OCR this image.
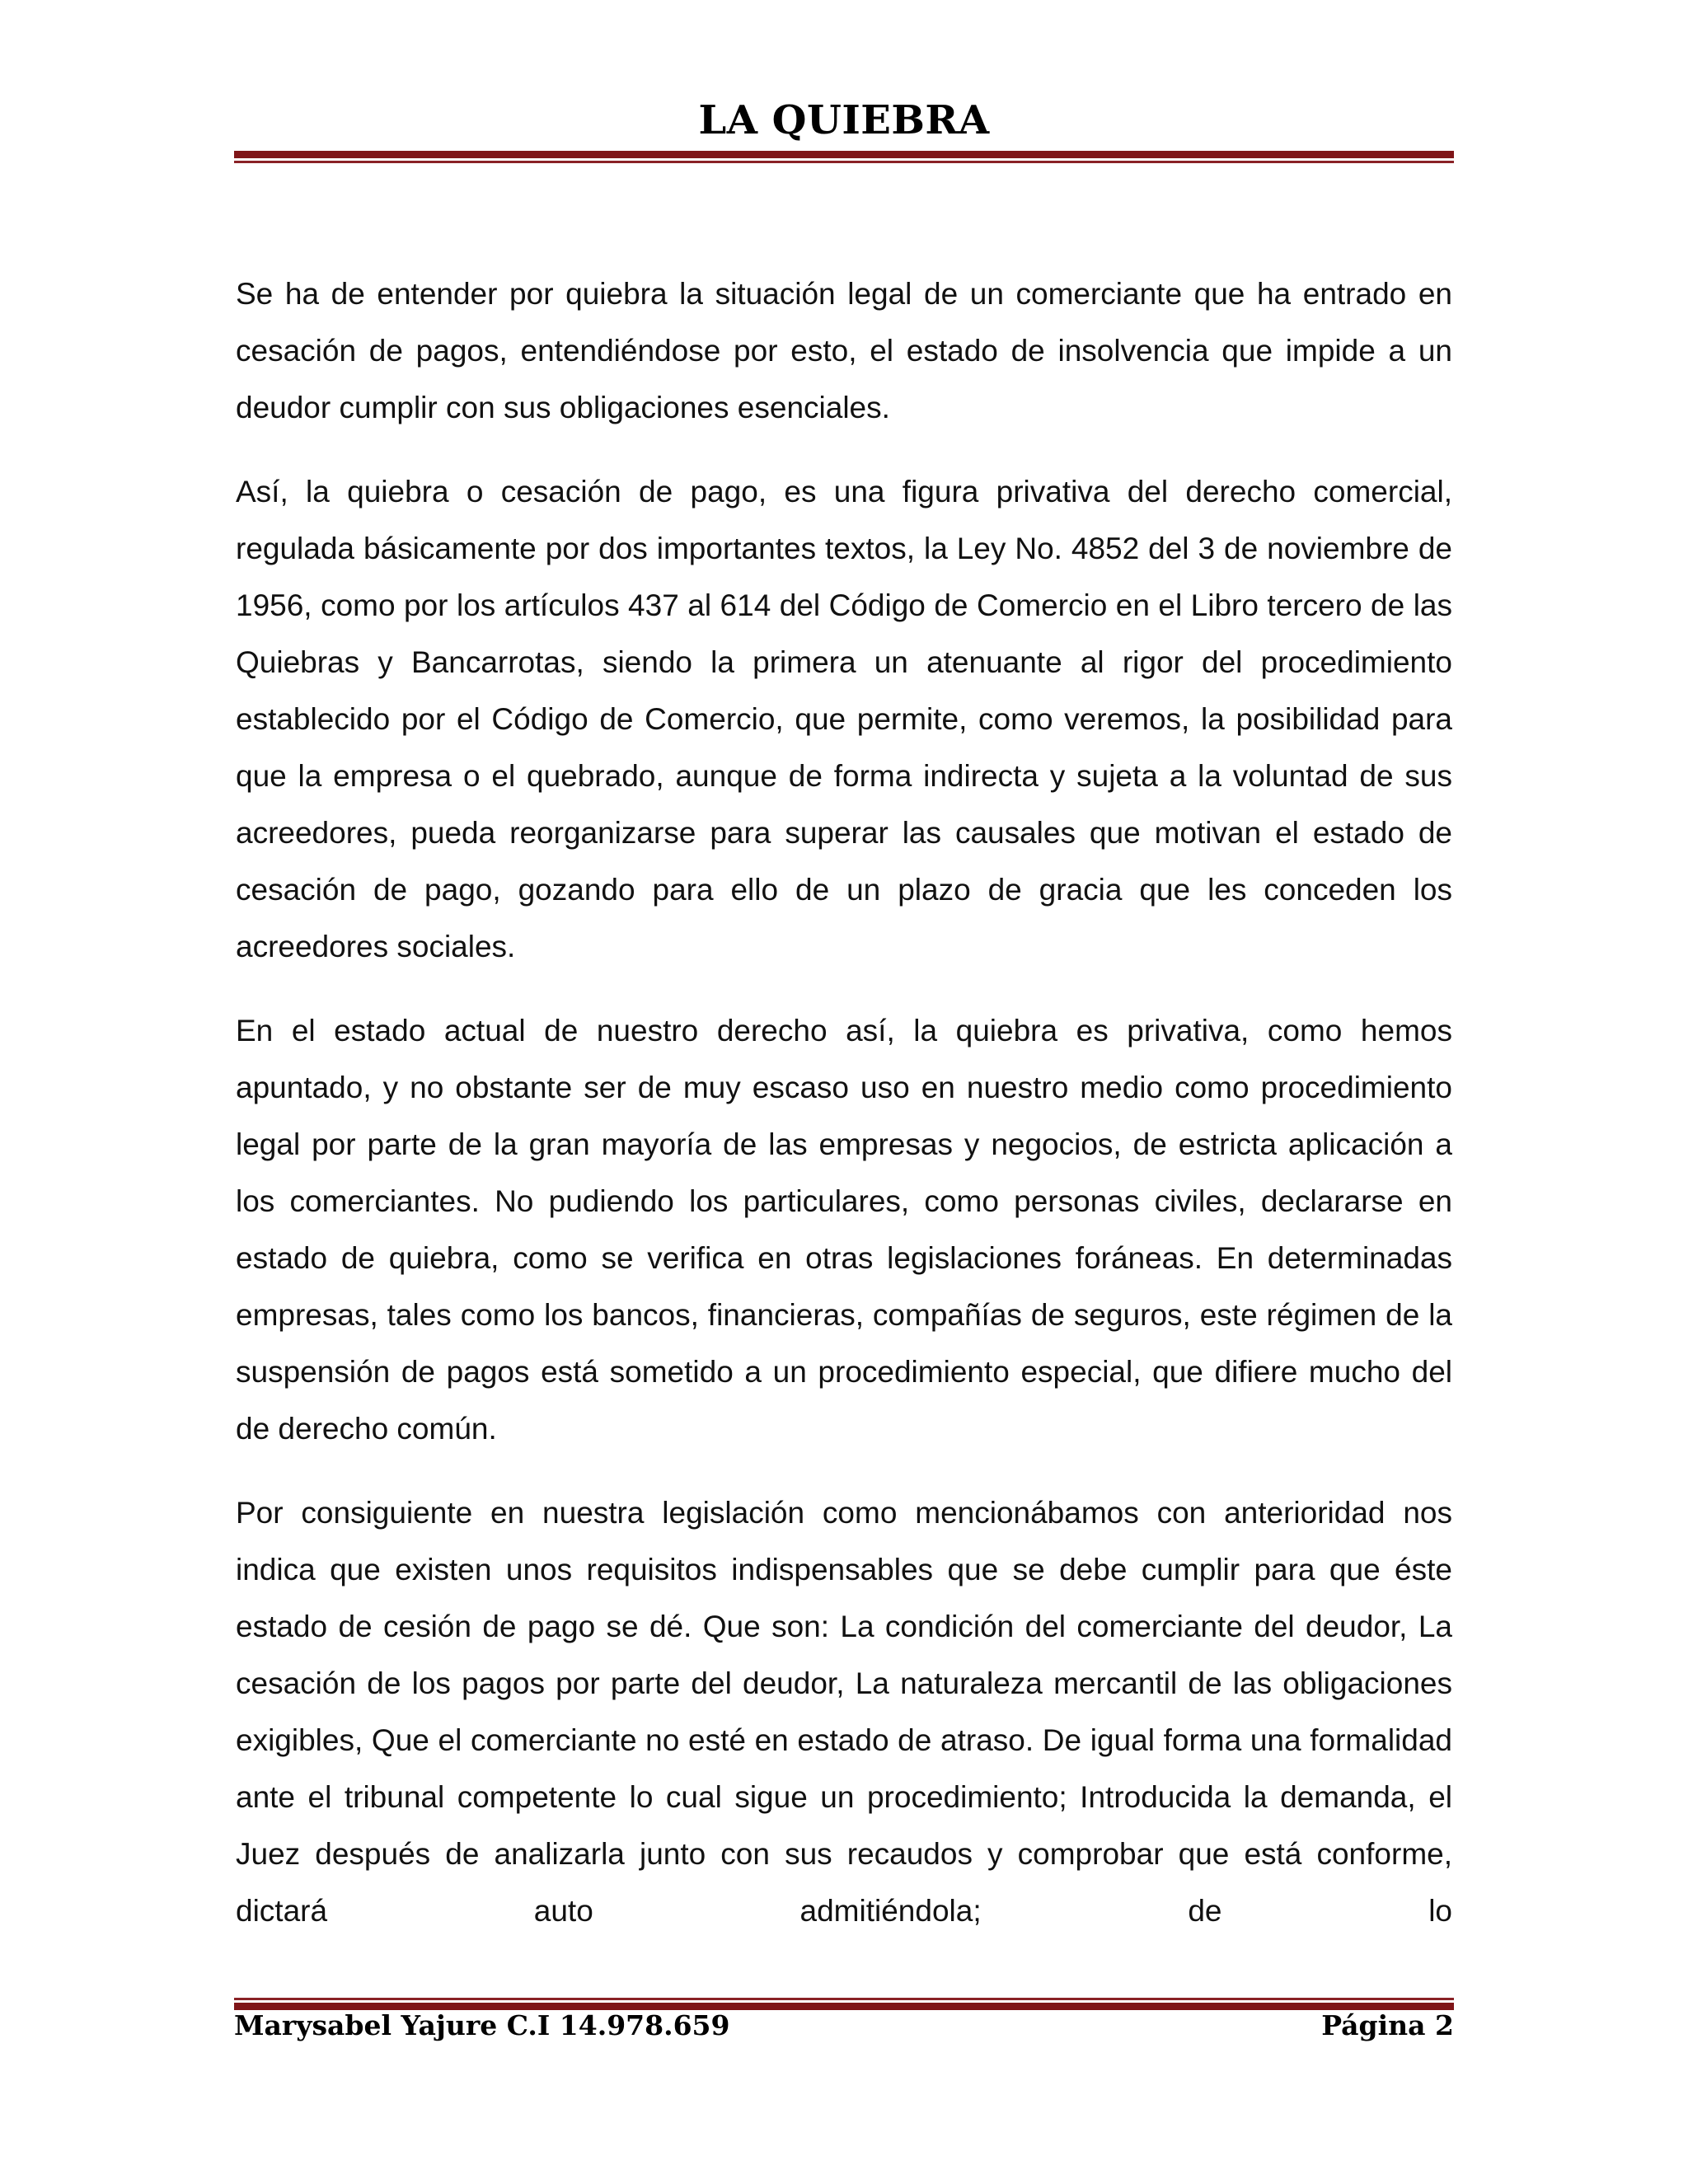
LA QUIEBRA

Se ha de entender por quiebra la situación legal de un comerciante que ha entrado en cesación de pagos, entendiéndose por esto, el estado de insolvencia que impide a un deudor cumplir con sus obligaciones esenciales.

Así, la quiebra o cesación de pago, es una figura privativa del derecho comercial, regulada básicamente por dos importantes textos, la Ley No. 4852 del 3 de noviembre de 1956, como por los artículos 437 al 614 del Código de Comercio en el Libro tercero de las Quiebras y Bancarrotas, siendo la primera un atenuante al rigor del procedimiento establecido por el Código de Comercio, que permite, como veremos, la posibilidad para que la empresa o el quebrado, aunque de forma indirecta y sujeta a la voluntad de sus acreedores, pueda reorganizarse para superar las causales que motivan el estado de cesación de pago, gozando para ello de un plazo de gracia que les conceden los acreedores sociales.

En el estado actual de nuestro derecho así, la quiebra es privativa, como hemos apuntado, y no obstante ser de muy escaso uso en nuestro medio como procedimiento legal por parte de la gran mayoría de las empresas y negocios, de estricta aplicación a los comerciantes. No pudiendo los particulares, como personas civiles, declararse en estado de quiebra, como se verifica en otras legislaciones foráneas. En determinadas empresas, tales como los bancos, financieras, compañías de seguros, este régimen de la suspensión de pagos está sometido a un procedimiento especial, que difiere mucho del de derecho común.

Por consiguiente en nuestra legislación como mencionábamos con anterioridad nos indica que existen unos requisitos indispensables que se debe cumplir para que éste estado de cesión de pago se dé. Que son: La condición del comerciante del deudor, La cesación de los pagos por parte del deudor, La naturaleza mercantil de las obligaciones exigibles, Que el comerciante no esté en estado de atraso. De igual forma una formalidad ante el tribunal competente lo cual sigue un procedimiento; Introducida la demanda, el Juez después de analizarla junto con sus recaudos y comprobar que está conforme, dictará auto admitiéndola; de lo

Marysabel Yajure C.I 14.978.659	Página 2
